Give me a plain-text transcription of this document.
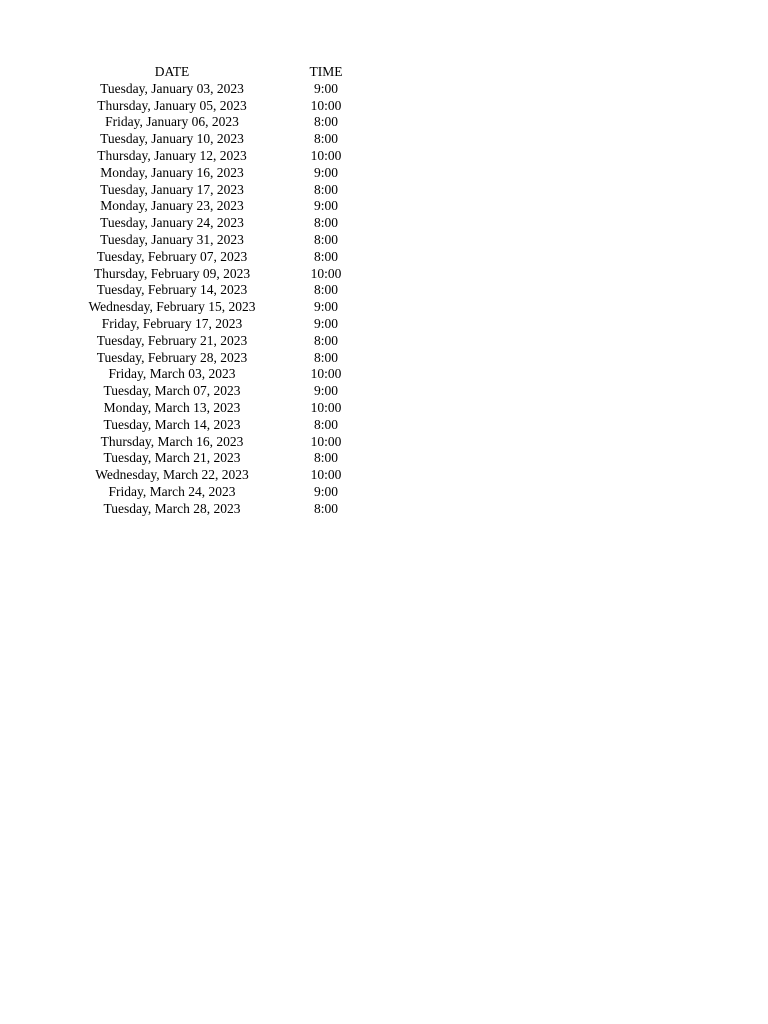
DATE	TIME
Tuesday, January 03, 2023	9:00
Thursday, January 05, 2023	10:00
Friday, January 06, 2023	8:00
Tuesday, January 10, 2023	8:00
Thursday, January 12, 2023	10:00
Monday, January 16, 2023	9:00
Tuesday, January 17, 2023	8:00
Monday, January 23, 2023	9:00
Tuesday, January 24, 2023	8:00
Tuesday, January 31, 2023	8:00
Tuesday, February 07, 2023	8:00
Thursday, February 09, 2023	10:00
Tuesday, February 14, 2023	8:00
Wednesday, February 15, 2023	9:00
Friday, February 17, 2023	9:00
Tuesday, February 21, 2023	8:00
Tuesday, February 28, 2023	8:00
Friday, March 03, 2023	10:00
Tuesday, March 07, 2023	9:00
Monday, March 13, 2023	10:00
Tuesday, March 14, 2023	8:00
Thursday, March 16, 2023	10:00
Tuesday, March 21, 2023	8:00
Wednesday, March 22, 2023	10:00
Friday, March 24, 2023	9:00
Tuesday, March 28, 2023	8:00
